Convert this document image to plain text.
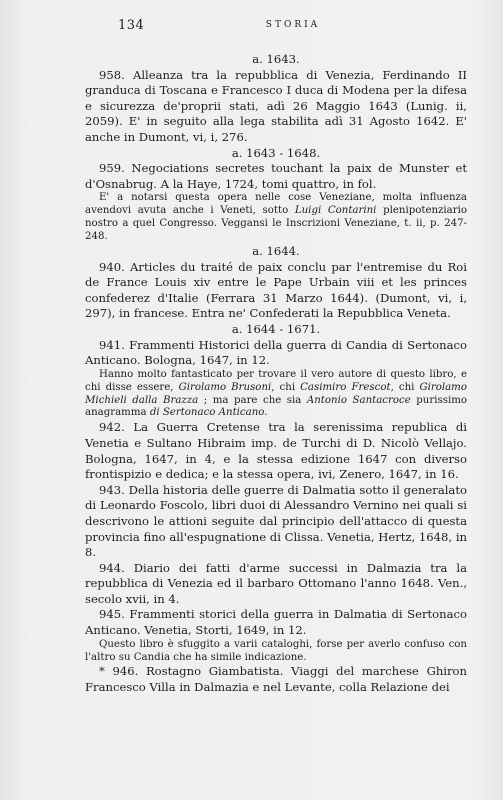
134	STORIA

a. 1643.

958. Alleanza tra la repubblica di Venezia, Ferdinando II granduca di Toscana e Francesco I duca di Modena per la difesa e sicurezza de'proprii stati, adì 26 Maggio 1643 (Lunig. ii, 2059). E' in seguito alla lega stabilita adì 31 Agosto 1642. E' anche in Dumont, vi, i, 276.

a. 1643 - 1648.

959. Negociations secretes touchant la paix de Munster et d'Osnabrug. A la Haye, 1724, tomi quattro, in fol.

E' a notarsi questa opera nelle cose Veneziane, molta influenza avendovi avuta anche i Veneti, sotto Luigi Contarini plenipotenziario nostro a quel Congresso. Veggansi le Inscrizioni Veneziane, t. ii, p. 247-248.

a. 1644.

940. Articles du traité de paix conclu par l'entremise du Roi de France Louis xiv entre le Pape Urbain viii et les princes confederez d'Italie (Ferrara 31 Marzo 1644). (Dumont, vi, i, 297), in francese. Entra ne' Confederati la Repubblica Veneta.

a. 1644 - 1671.

941. Frammenti Historici della guerra di Candia di Sertonaco Anticano. Bologna, 1647, in 12.

Hanno molto fantasticato per trovare il vero autore di questo libro, e chi disse essere, Girolamo Brusoni, chi Casimiro Frescot, chi Girolamo Michieli dalla Brazza ; ma pare che sia Antonio Santacroce purissimo anagramma di Sertonaco Anticano.

942. La Guerra Cretense tra la serenissima republica di Venetia e Sultano Hibraim imp. de Turchi di D. Nicolò Vellajo. Bologna, 1647, in 4, e la stessa edizione 1647 con diverso frontispizio e dedica; e la stessa opera, ivi, Zenero, 1647, in 16.

943. Della historia delle guerre di Dalmatia sotto il generalato di Leonardo Foscolo, libri duoi di Alessandro Vernino nei quali si descrivono le attioni seguite dal principio dell'attacco di questa provincia fino all'espugnatione di Clissa. Venetia, Hertz, 1648, in 8.

944. Diario dei fatti d'arme successi in Dalmazia tra la repubblica di Venezia ed il barbaro Ottomano l'anno 1648. Ven., secolo xvii, in 4.

945. Frammenti storici della guerra in Dalmatia di Sertonaco Anticano. Venetia, Storti, 1649, in 12.

Questo libro è sfuggito a varii cataloghi, forse per averlo confuso con l'altro su Candia che ha simile indicazione.

* 946. Rostagno Giambatista. Viaggi del marchese Ghiron Francesco Villa in Dalmazia e nel Levante, colla Relazione dei
